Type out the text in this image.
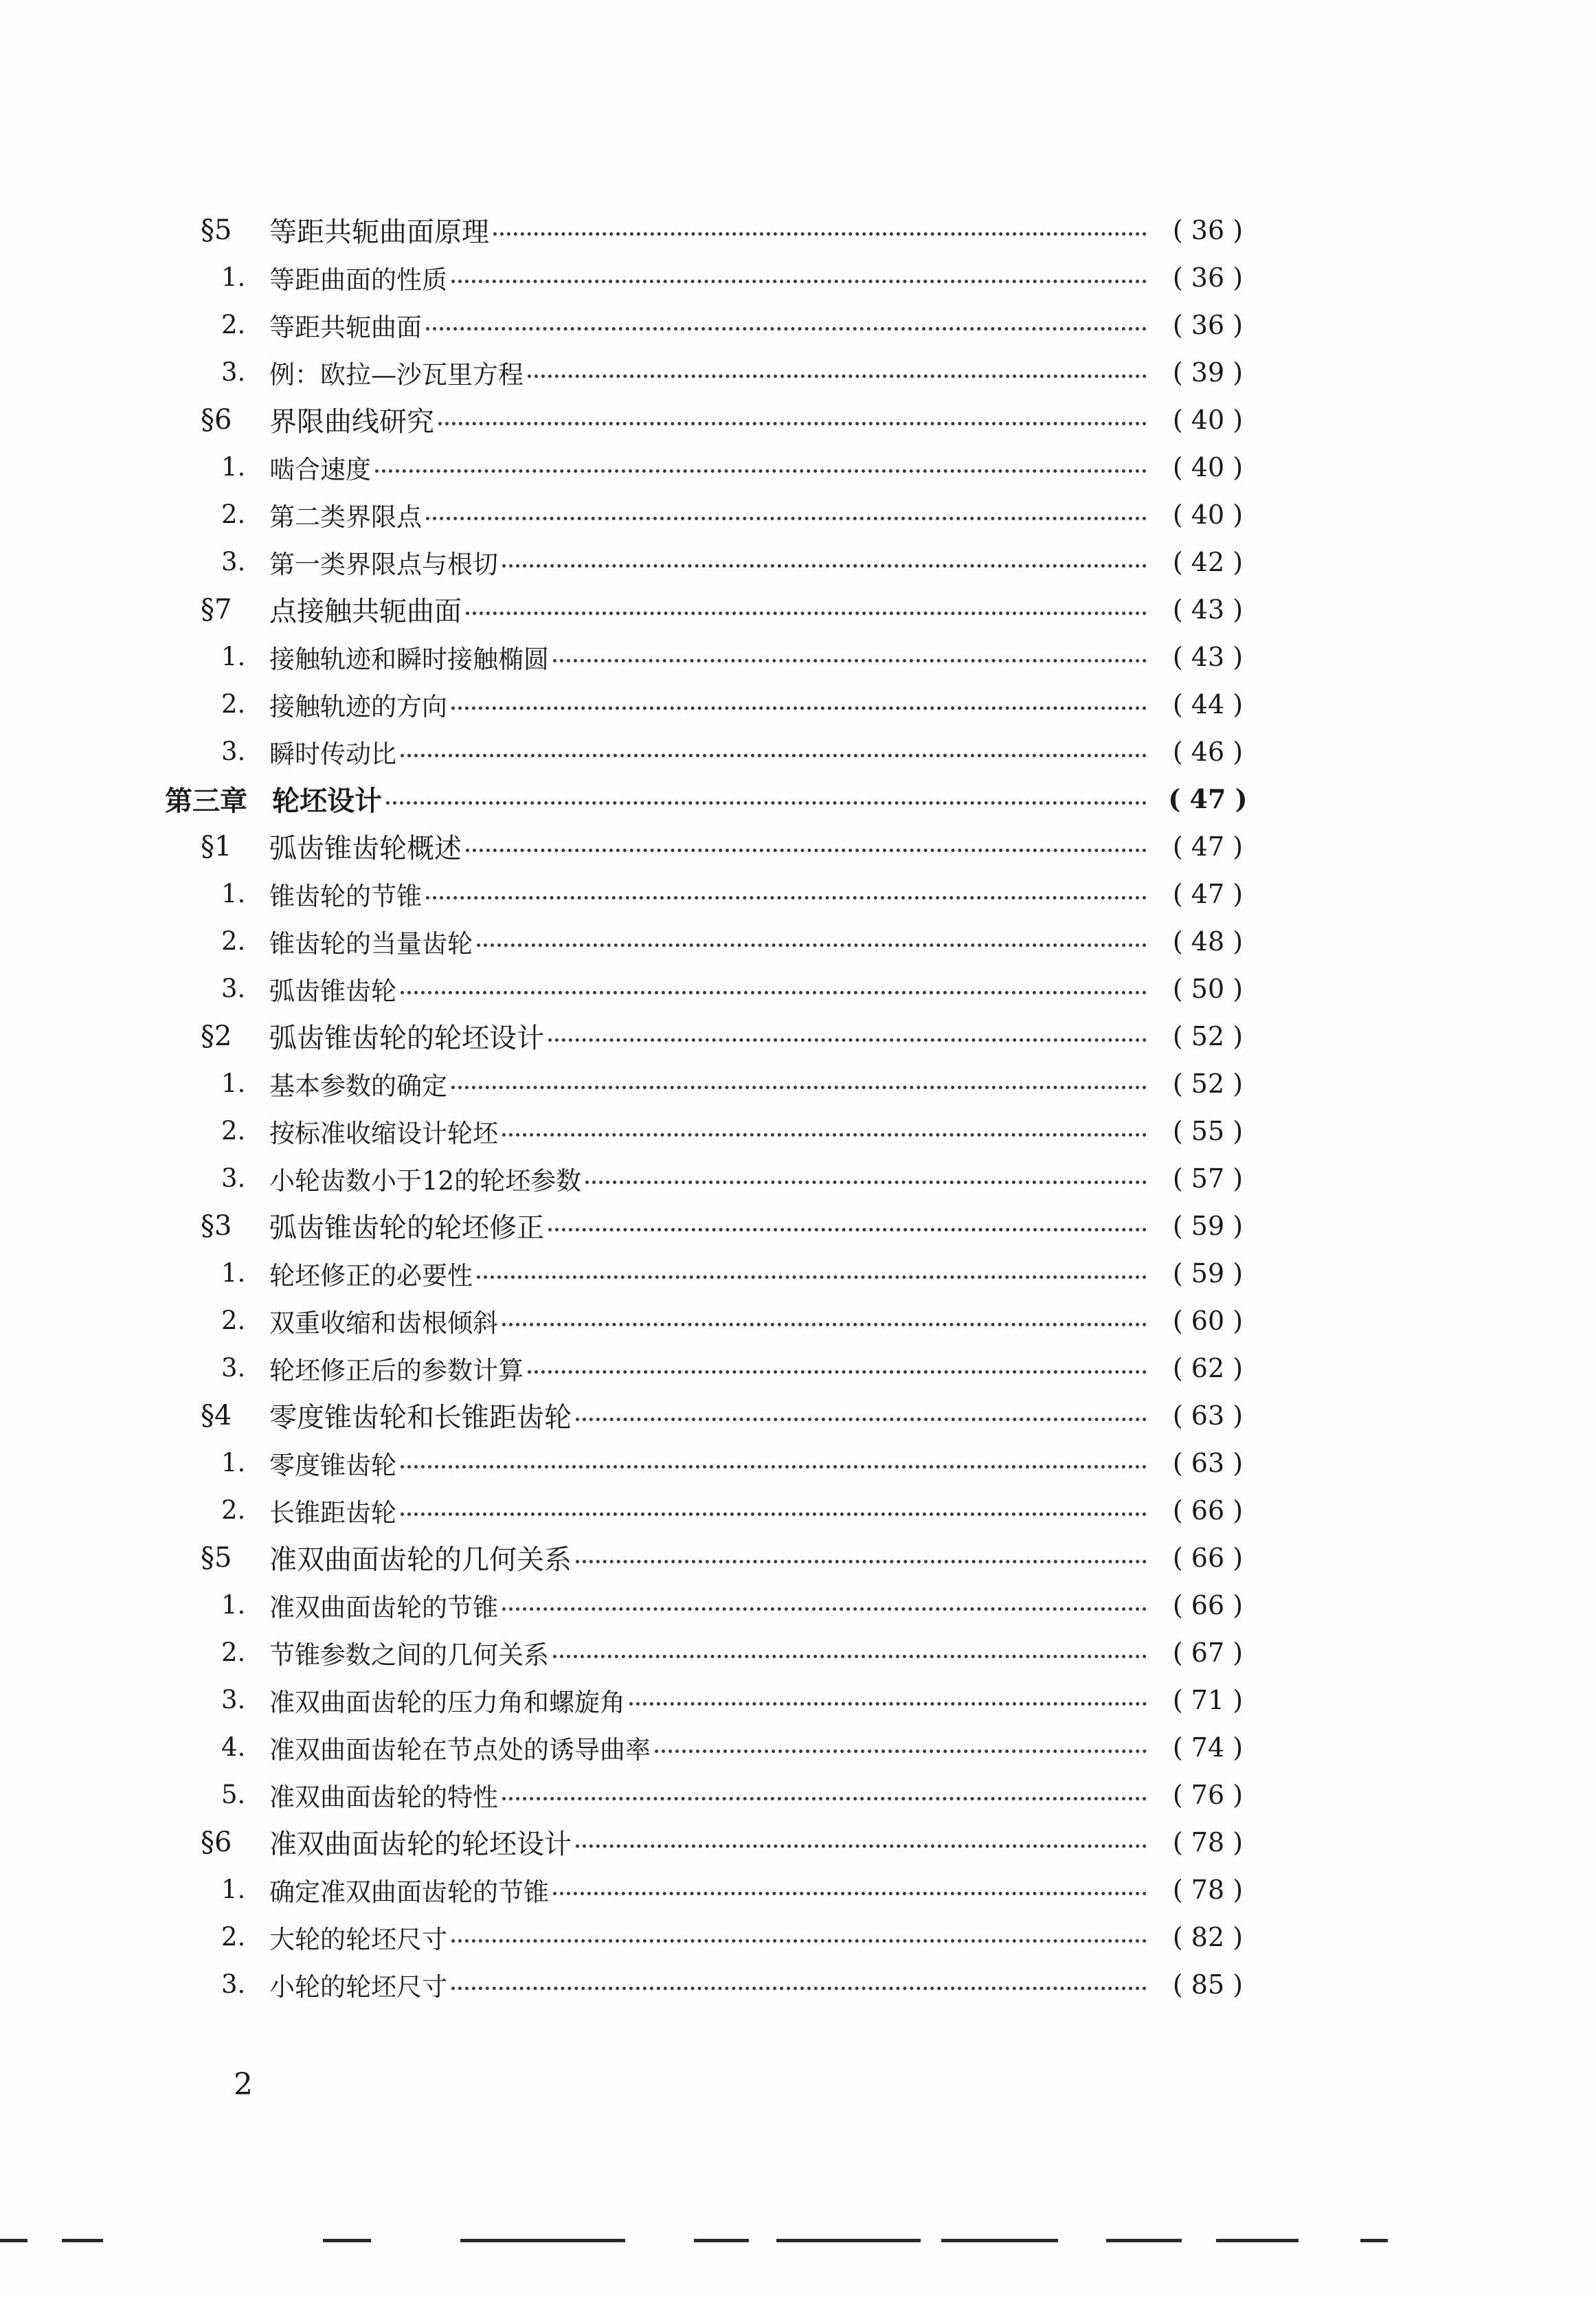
§5	等距共轭曲面原理	( 36 )
1. 等距曲面的性质	( 36 )
2. 等距共轭曲面	( 36 )
3. 例：欧拉—沙瓦里方程	( 39 )
§6	界限曲线研究	( 40 )
1. 啮合速度	( 40 )
2. 第二类界限点	( 40 )
3. 第一类界限点与根切	( 42 )
§7	点接触共轭曲面	( 43 )
1. 接触轨迹和瞬时接触椭圆	( 43 )
2. 接触轨迹的方向	( 44 )
3. 瞬时传动比	( 46 )
第三章 轮坯设计	( 47 )
§1	弧齿锥齿轮概述	( 47 )
1. 锥齿轮的节锥	( 47 )
2. 锥齿轮的当量齿轮	( 48 )
3. 弧齿锥齿轮	( 50 )
§2	弧齿锥齿轮的轮坯设计	( 52 )
1. 基本参数的确定	( 52 )
2. 按标准收缩设计轮坯	( 55 )
3. 小轮齿数小于12的轮坯参数	( 57 )
§3	弧齿锥齿轮的轮坯修正	( 59 )
1. 轮坯修正的必要性	( 59 )
2. 双重收缩和齿根倾斜	( 60 )
3. 轮坯修正后的参数计算	( 62 )
§4	零度锥齿轮和长锥距齿轮	( 63 )
1. 零度锥齿轮	( 63 )
2. 长锥距齿轮	( 66 )
§5	准双曲面齿轮的几何关系	( 66 )
1. 准双曲面齿轮的节锥	( 66 )
2. 节锥参数之间的几何关系	( 67 )
3. 准双曲面齿轮的压力角和螺旋角	( 71 )
4. 准双曲面齿轮在节点处的诱导曲率	( 74 )
5. 准双曲面齿轮的特性	( 76 )
§6	准双曲面齿轮的轮坯设计	( 78 )
1. 确定准双曲面齿轮的节锥	( 78 )
2. 大轮的轮坯尺寸	( 82 )
3. 小轮的轮坯尺寸	( 85 )
2
